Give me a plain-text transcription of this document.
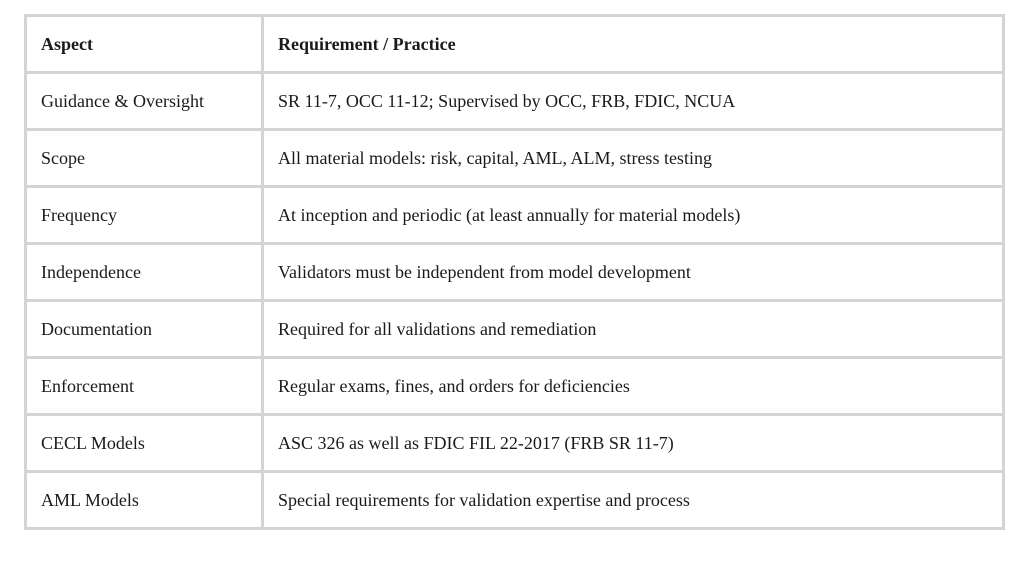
Aspect	Requirement / Practice
Guidance & Oversight	SR 11-7, OCC 11-12; Supervised by OCC, FRB, FDIC, NCUA
Scope	All material models: risk, capital, AML, ALM, stress testing
Frequency	At inception and periodic (at least annually for material models)
Independence	Validators must be independent from model development
Documentation	Required for all validations and remediation
Enforcement	Regular exams, fines, and orders for deficiencies
CECL Models	ASC 326 as well as FDIC FIL 22-2017 (FRB SR 11-7)
AML Models	Special requirements for validation expertise and process
